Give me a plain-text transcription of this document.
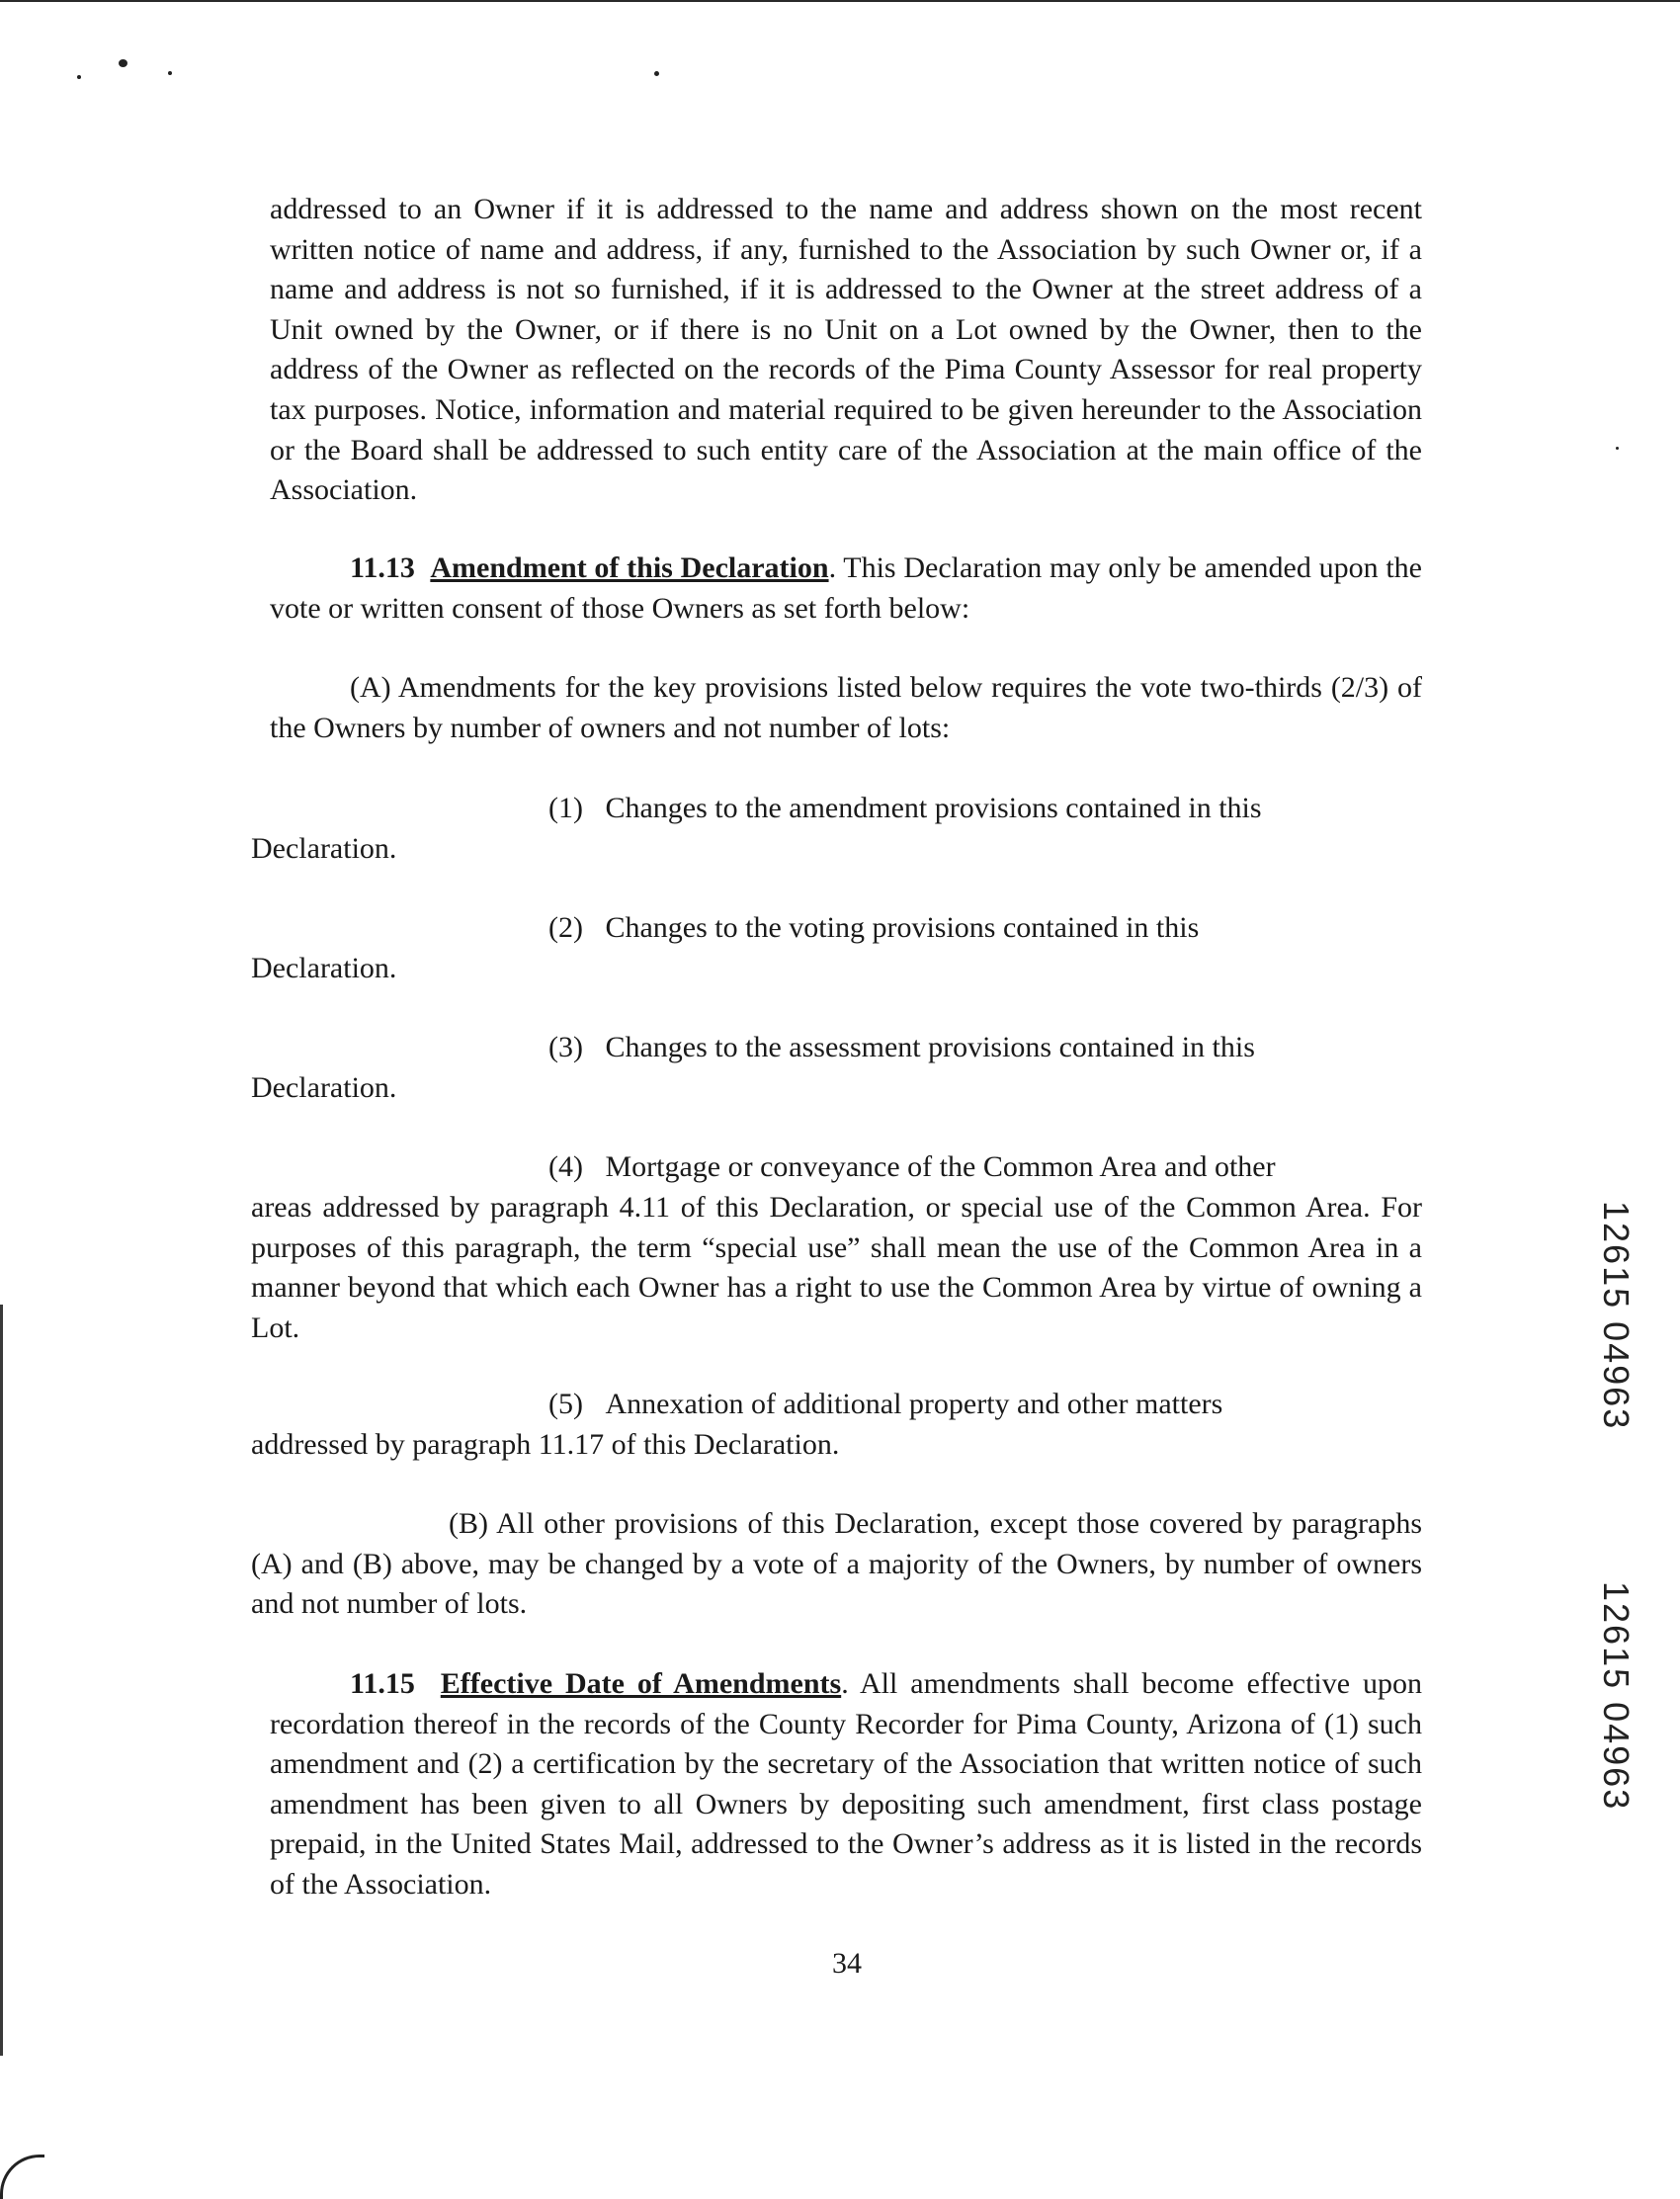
addressed to an Owner if it is addressed to the name and address shown on the most recent written notice of name and address, if any, furnished to the Association by such Owner or, if a name and address is not so furnished, if it is addressed to the Owner at the street address of a Unit owned by the Owner, or if there is no Unit on a Lot owned by the Owner, then to the address of the Owner as reflected on the records of the Pima County Assessor for real property tax purposes. Notice, information and material required to be given hereunder to the Association or the Board shall be addressed to such entity care of the Association at the main office of the Association.

11.13 Amendment of this Declaration. This Declaration may only be amended upon the vote or written consent of those Owners as set forth below:

(A) Amendments for the key provisions listed below requires the vote two-thirds (2/3) of the Owners by number of owners and not number of lots:

(1) Changes to the amendment provisions contained in this
Declaration.
(2) Changes to the voting provisions contained in this
Declaration.
(3) Changes to the assessment provisions contained in this
Declaration.
(4) Mortgage or conveyance of the Common Area and other

areas addressed by paragraph 4.11 of this Declaration, or special use of the Common Area. For purposes of this paragraph, the term “special use” shall mean the use of the Common Area in a manner beyond that which each Owner has a right to use the Common Area by virtue of owning a Lot.

(5) Annexation of additional property and other matters
addressed by paragraph 11.17 of this Declaration.

(B) All other provisions of this Declaration, except those covered by paragraphs (A) and (B) above, may be changed by a vote of a majority of the Owners, by number of owners and not number of lots.

11.15 Effective Date of Amendments. All amendments shall become effective upon recordation thereof in the records of the County Recorder for Pima County, Arizona of (1) such amendment and (2) a certification by the secretary of the Association that written notice of such amendment has been given to all Owners by depositing such amendment, first class postage prepaid, in the United States Mail, addressed to the Owner’s address as it is listed in the records of the Association.

34
12615 04963
12615 04963
